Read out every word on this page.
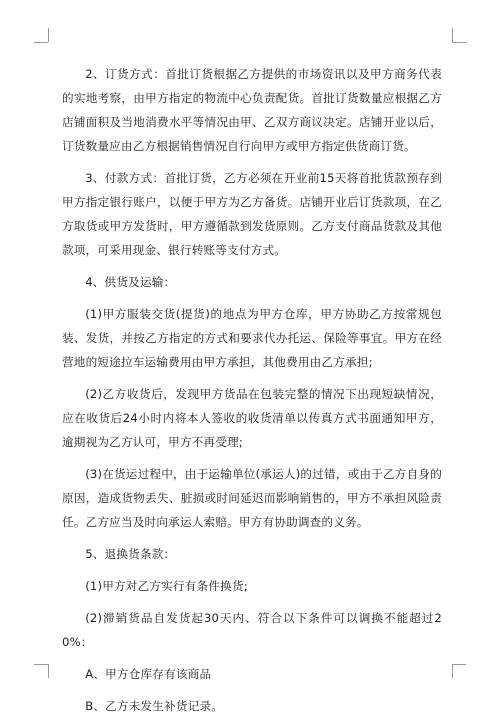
2、订货方式：首批订货根据乙方提供的市场资讯以及甲方商务代表的实地考察，由甲方指定的物流中心负责配货。首批订货数量应根据乙方店铺面积及当地消费水平等情况由甲、乙双方商议决定。店铺开业以后，订货数量应由乙方根据销售情况自行向甲方或甲方指定供货商订货。

3、付款方式：首批订货，乙方必须在开业前15天将首批货款预存到甲方指定银行账户，以便于甲方为乙方备货。店铺开业后订货款项，在乙方取货或甲方发货时，甲方遵循款到发货原则。乙方支付商品货款及其他款项，可采用现金、银行转账等支付方式。

4、供货及运输：

(1)甲方服装交货(提货)的地点为甲方仓库，甲方协助乙方按常规包装、发货，并按乙方指定的方式和要求代办托运、保险等事宜。甲方在经营地的短途拉车运输费用由甲方承担，其他费用由乙方承担;

(2)乙方收货后，发现甲方货品在包装完整的情况下出现短缺情况，应在收货后24小时内将本人签收的收货清单以传真方式书面通知甲方，逾期视为乙方认可，甲方不再受理;

(3)在货运过程中，由于运输单位(承运人)的过错，或由于乙方自身的原因，造成货物丢失、脏损或时间延迟而影响销售的，甲方不承担风险责任。乙方应当及时向承运人索赔。甲方有协助调查的义务。

5、退换货条款：

(1)甲方对乙方实行有条件换货;

(2)滞销货品自发货起30天内、符合以下条件可以调换不能超过20%：

A、甲方仓库存有该商品

B、乙方未发生补货记录。
